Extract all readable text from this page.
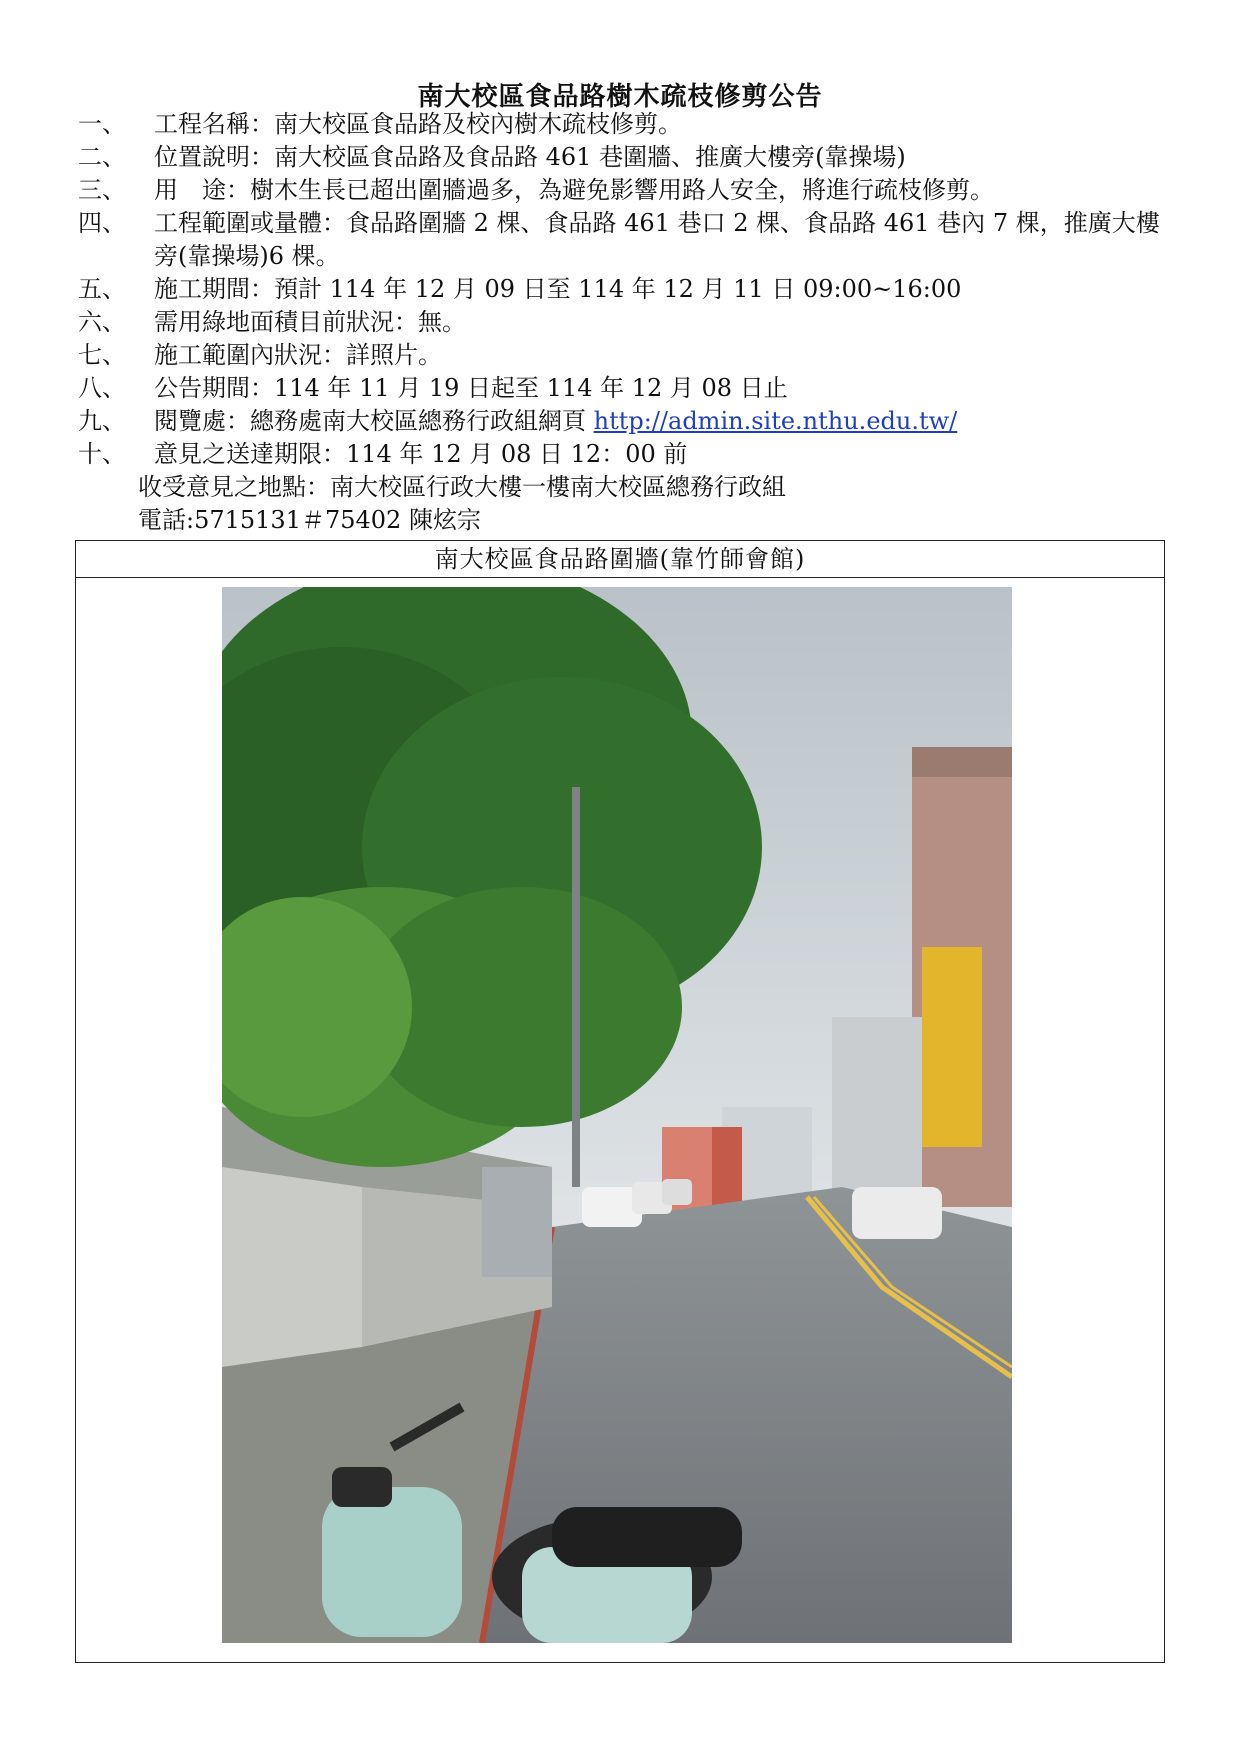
南大校區食品路樹木疏枝修剪公告
一、	工程名稱：南大校區食品路及校內樹木疏枝修剪。
二、	位置說明：南大校區食品路及食品路 461 巷圍牆、推廣大樓旁(靠操場)
三、	用　途：樹木生長已超出圍牆過多，為避免影響用路人安全，將進行疏枝修剪。
四、	工程範圍或量體：食品路圍牆 2 棵、食品路 461 巷口 2 棵、食品路 461 巷內 7 棵，推廣大樓旁(靠操場)6 棵。
五、	施工期間：預計 114 年 12 月 09 日至 114 年 12 月 11 日 09:00~16:00
六、	需用綠地面積目前狀況：無。
七、	施工範圍內狀況：詳照片。
八、	公告期間：114 年 11 月 19 日起至 114 年 12 月 08 日止
九、	閱覽處：總務處南大校區總務行政組網頁 http://admin.site.nthu.edu.tw/
十、	意見之送達期限：114 年 12 月 08 日 12：00 前
收受意見之地點：南大校區行政大樓一樓南大校區總務行政組
電話:5715131＃75402 陳炫宗
南大校區食品路圍牆(靠竹師會館)
